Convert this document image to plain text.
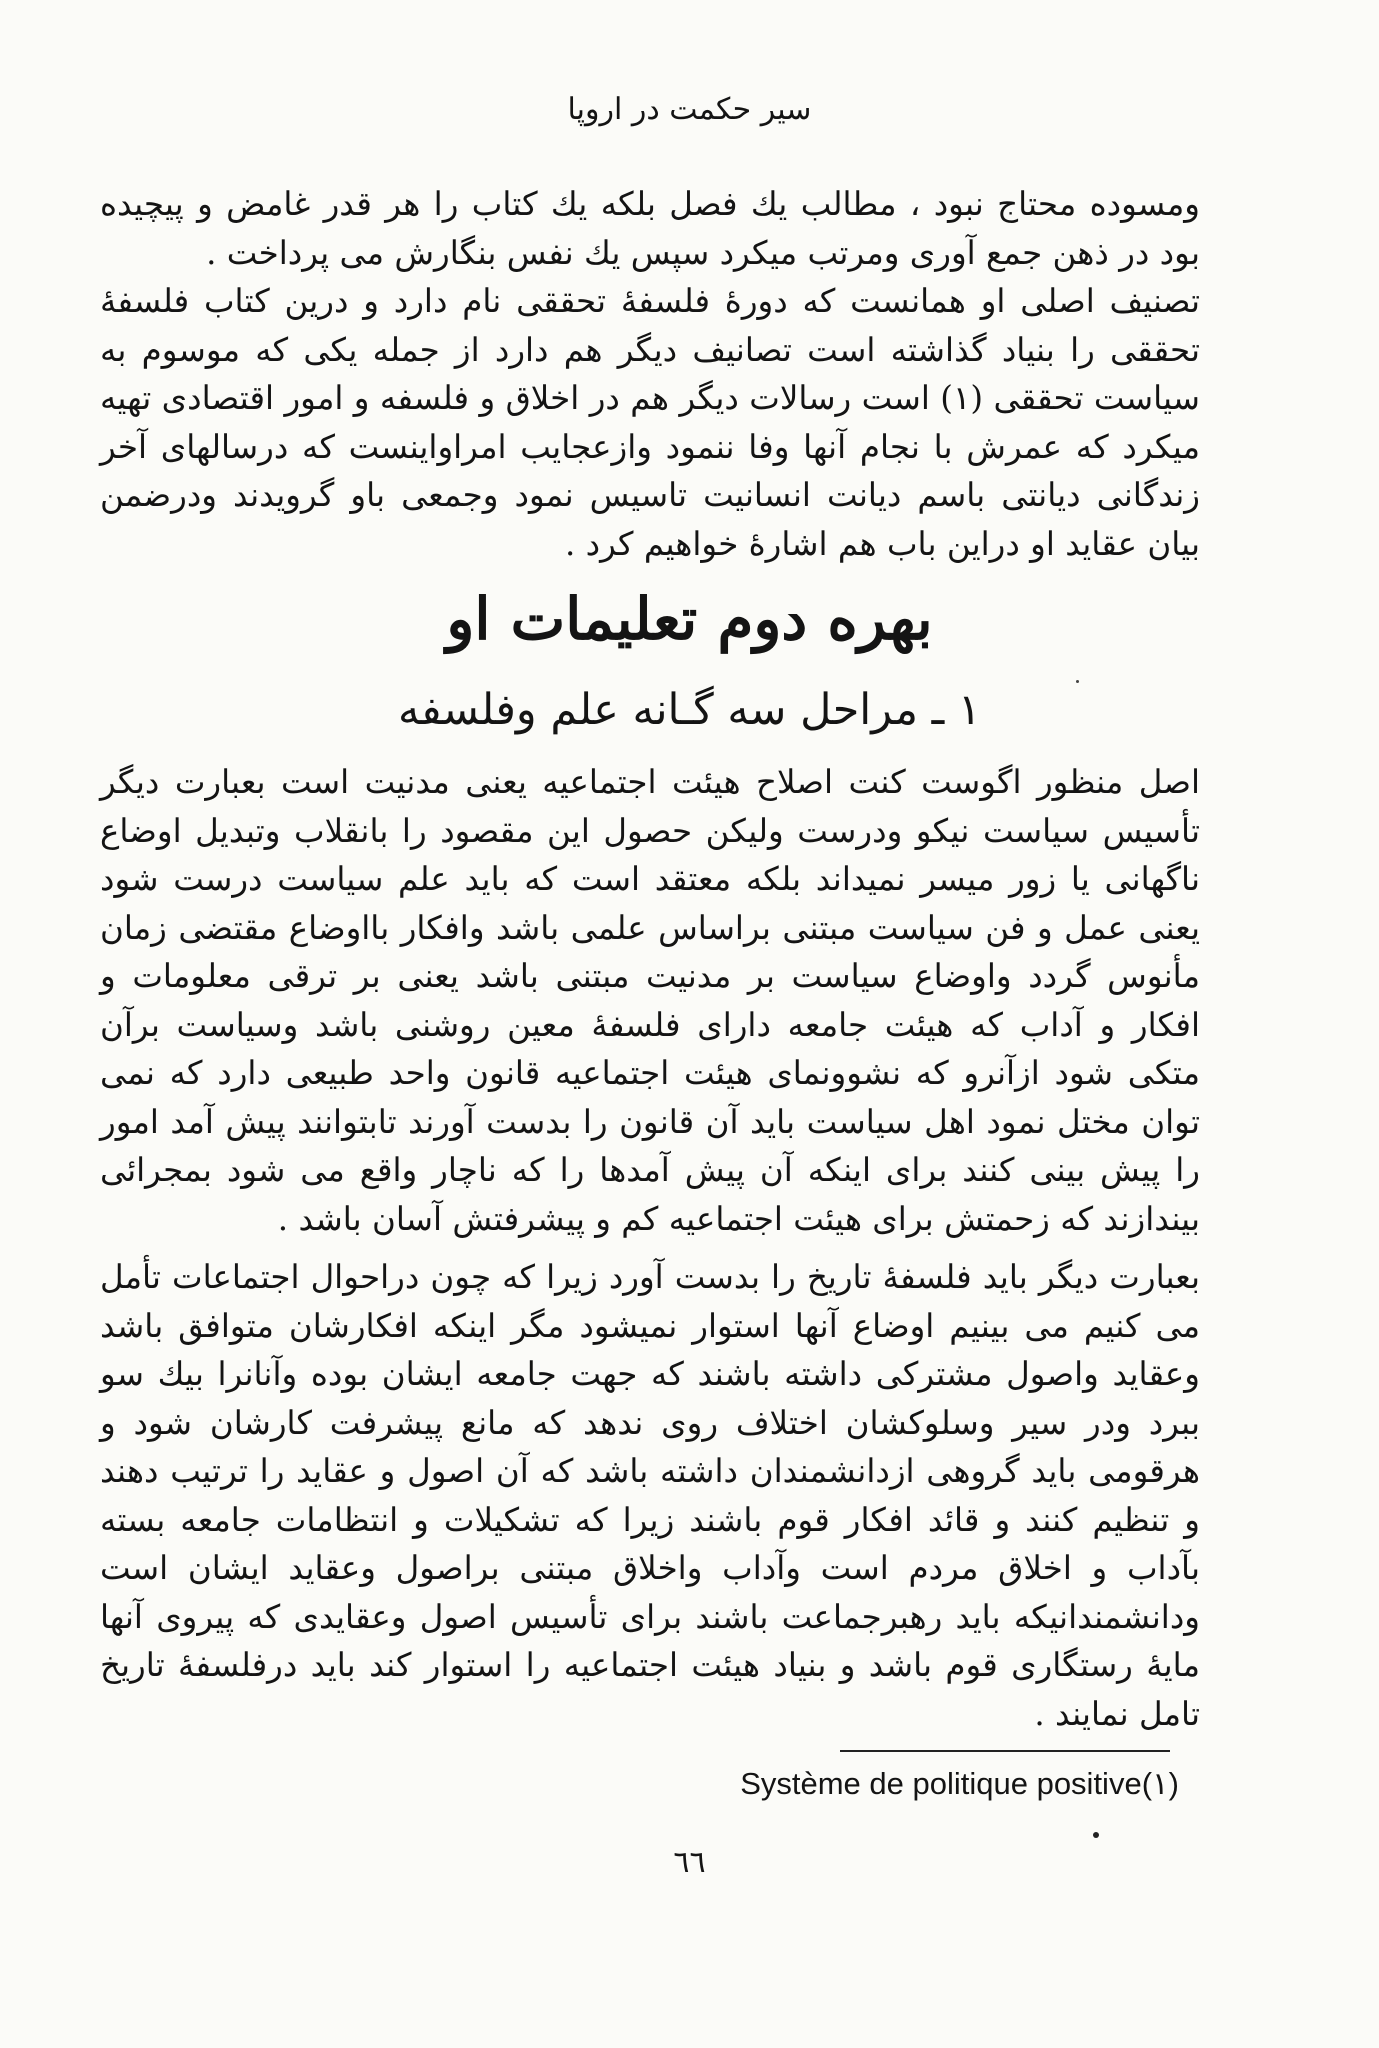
سیر حکمت در اروپا

ومسوده محتاج نبود ، مطالب یك فصل بلکه یك کتاب را هر قدر غامض و پیچیده بود در ذهن جمع آوری ومرتب میکرد سپس یك نفس بنگارش می پرداخت .

تصنیف اصلی او همانست که دورهٔ فلسفهٔ تحققی نام دارد و درین کتاب فلسفهٔ تحققی را بنیاد گذاشته است تصانیف دیگر هم دارد از جمله یکی که موسوم به سیاست تحققی (۱) است رسالات دیگر هم در اخلاق و فلسفه و امور اقتصادی تهیه میکرد که عمرش با نجام آنها وفا ننمود وازعجایب امراواینست که درسالهای آخر زندگانی دیانتی باسم دیانت انسانیت تاسیس نمود وجمعی باو گرویدند ودرضمن بیان عقاید او دراین باب هم اشارهٔ خواهیم کرد .

بهره دوم تعلیمات او
۱ ـ مراحل سه گـانه علم وفلسفه

اصل منظور اگوست کنت اصلاح هیئت اجتماعیه یعنی مدنیت است بعبارت دیگر تأسیس سیاست نیکو ودرست ولیکن حصول این مقصود را بانقلاب وتبدیل اوضاع ناگهانی یا زور میسر نمیداند بلکه معتقد است که باید علم سیاست درست شود یعنی عمل و فن سیاست مبتنی براساس علمی باشد وافکار بااوضاع مقتضی زمان مأنوس گردد واوضاع سیاست بر مدنیت مبتنی باشد یعنی بر ترقی معلومات و افکار و آداب که هیئت جامعه دارای فلسفهٔ معین روشنی باشد وسیاست برآن متکی شود ازآنرو که نشوونمای هیئت اجتماعیه قانون واحد طبیعی دارد که نمی توان مختل نمود اهل سیاست باید آن قانون را بدست آورند تابتوانند پیش آمد امور را پیش بینی کنند برای اینکه آن پیش آمدها را که ناچار واقع می شود بمجرائی بیندازند که زحمتش برای هیئت اجتماعیه کم و پیشرفتش آسان باشد .

بعبارت دیگر باید فلسفهٔ تاریخ را بدست آورد زیرا که چون دراحوال اجتماعات تأمل می کنیم می بینیم اوضاع آنها استوار نمیشود مگر اینکه افکارشان متوافق باشد وعقاید واصول مشترکی داشته باشند که جهت جامعه ایشان بوده وآنانرا بیك سو ببرد ودر سیر وسلوکشان اختلاف روی ندهد که مانع پیشرفت کارشان شود و هرقومی باید گروهی ازدانشمندان داشته باشد که آن اصول و عقاید را ترتیب دهند و تنظیم کنند و قائد افکار قوم باشند زیرا که تشکیلات و انتظامات جامعه بسته بآداب و اخلاق مردم است وآداب واخلاق مبتنی براصول وعقاید ایشان است ودانشمندانیکه باید رهبرجماعت باشند برای تأسیس اصول وعقایدی که پیروی آنها مایهٔ رستگاری قوم باشد و بنیاد هیئت اجتماعیه را استوار کند باید درفلسفهٔ تاریخ تامل نمایند .

Système de politique positive(۱)
٦٦
